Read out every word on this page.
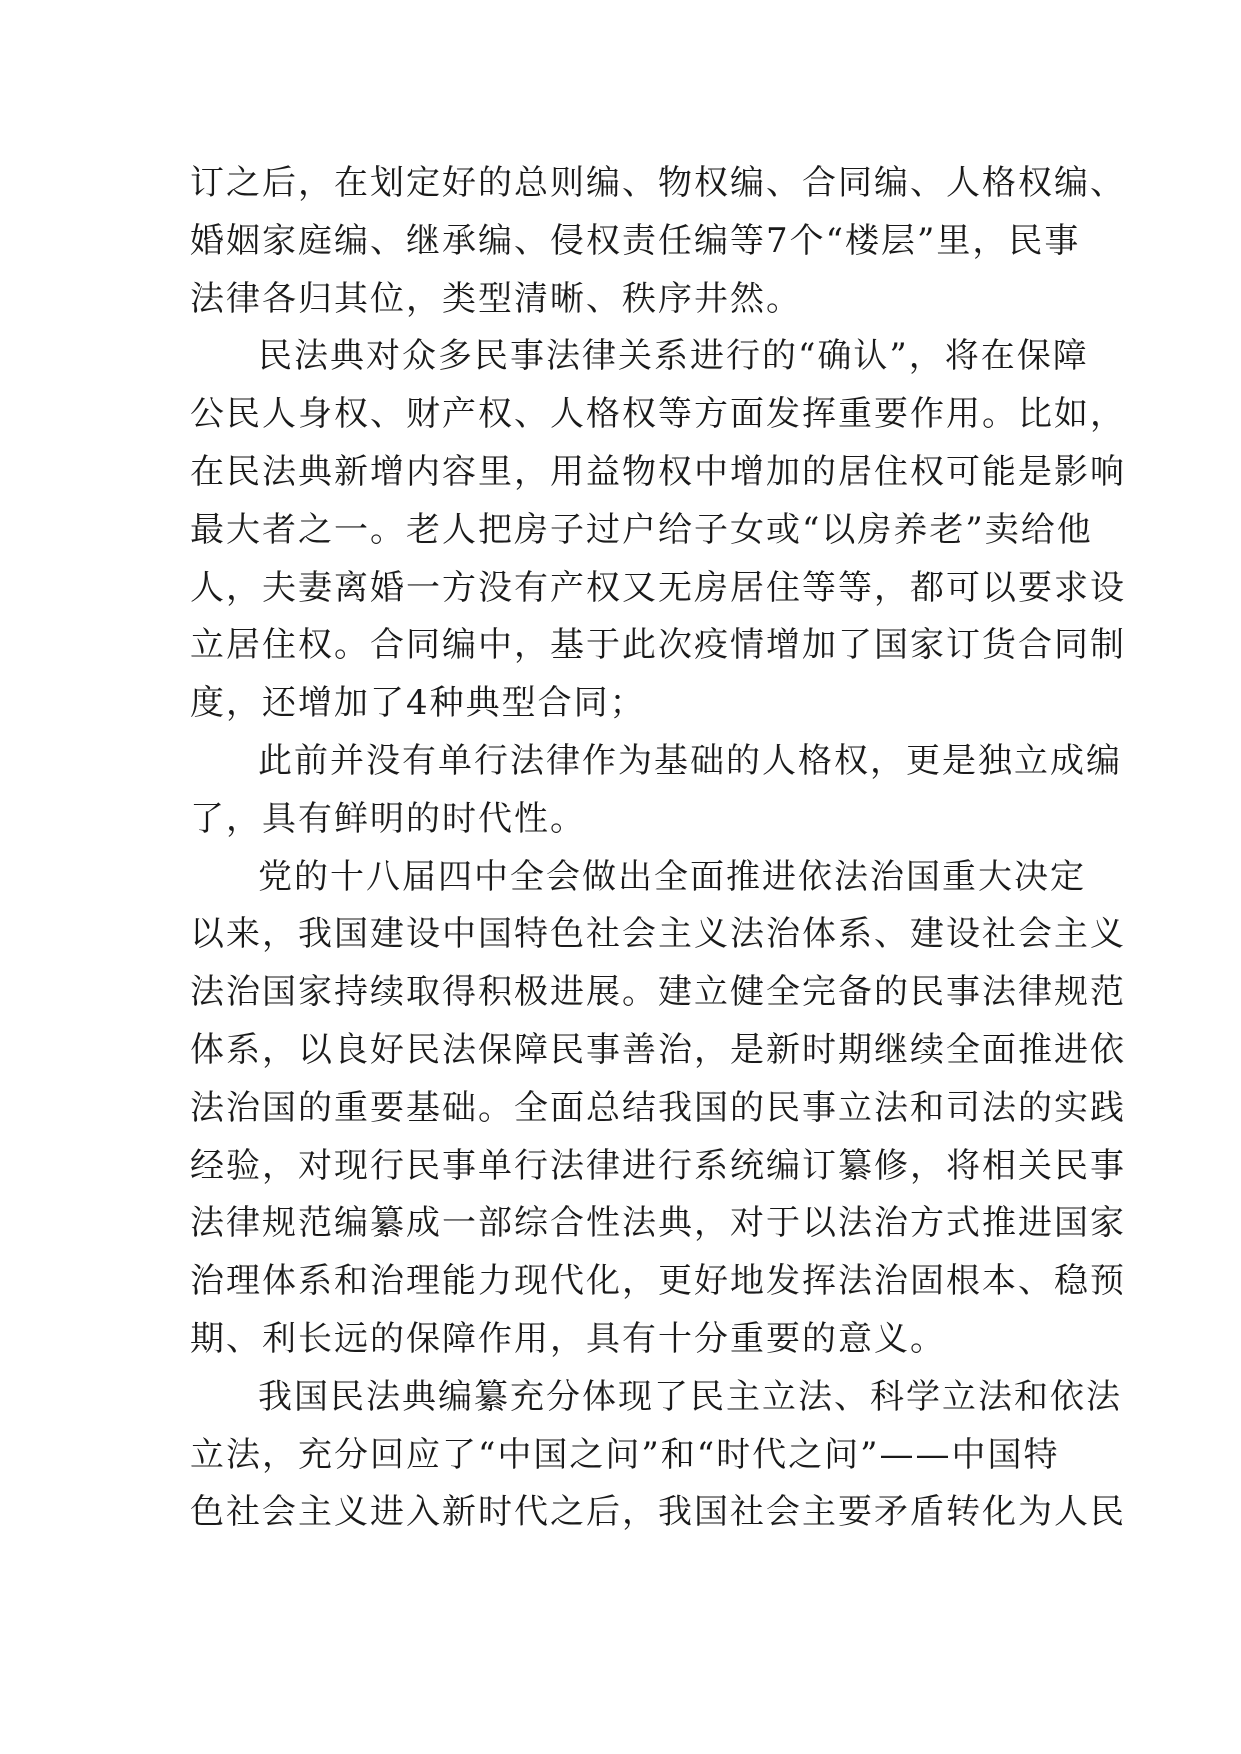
订之后，在划定好的总则编、物权编、合同编、人格权编、
婚姻家庭编、继承编、侵权责任编等7个“楼层”里，民事
法律各归其位，类型清晰、秩序井然。
民法典对众多民事法律关系进行的“确认”，将在保障
公民人身权、财产权、人格权等方面发挥重要作用。比如，
在民法典新增内容里，用益物权中增加的居住权可能是影响
最大者之一。老人把房子过户给子女或“以房养老”卖给他
人，夫妻离婚一方没有产权又无房居住等等，都可以要求设
立居住权。合同编中，基于此次疫情增加了国家订货合同制
度，还增加了4种典型合同；
此前并没有单行法律作为基础的人格权，更是独立成编
了，具有鲜明的时代性。
党的十八届四中全会做出全面推进依法治国重大决定
以来，我国建设中国特色社会主义法治体系、建设社会主义
法治国家持续取得积极进展。建立健全完备的民事法律规范
体系，以良好民法保障民事善治，是新时期继续全面推进依
法治国的重要基础。全面总结我国的民事立法和司法的实践
经验，对现行民事单行法律进行系统编订纂修，将相关民事
法律规范编纂成一部综合性法典，对于以法治方式推进国家
治理体系和治理能力现代化，更好地发挥法治固根本、稳预
期、利长远的保障作用，具有十分重要的意义。
我国民法典编纂充分体现了民主立法、科学立法和依法
立法，充分回应了“中国之问”和“时代之问”——中国特
色社会主义进入新时代之后，我国社会主要矛盾转化为人民
